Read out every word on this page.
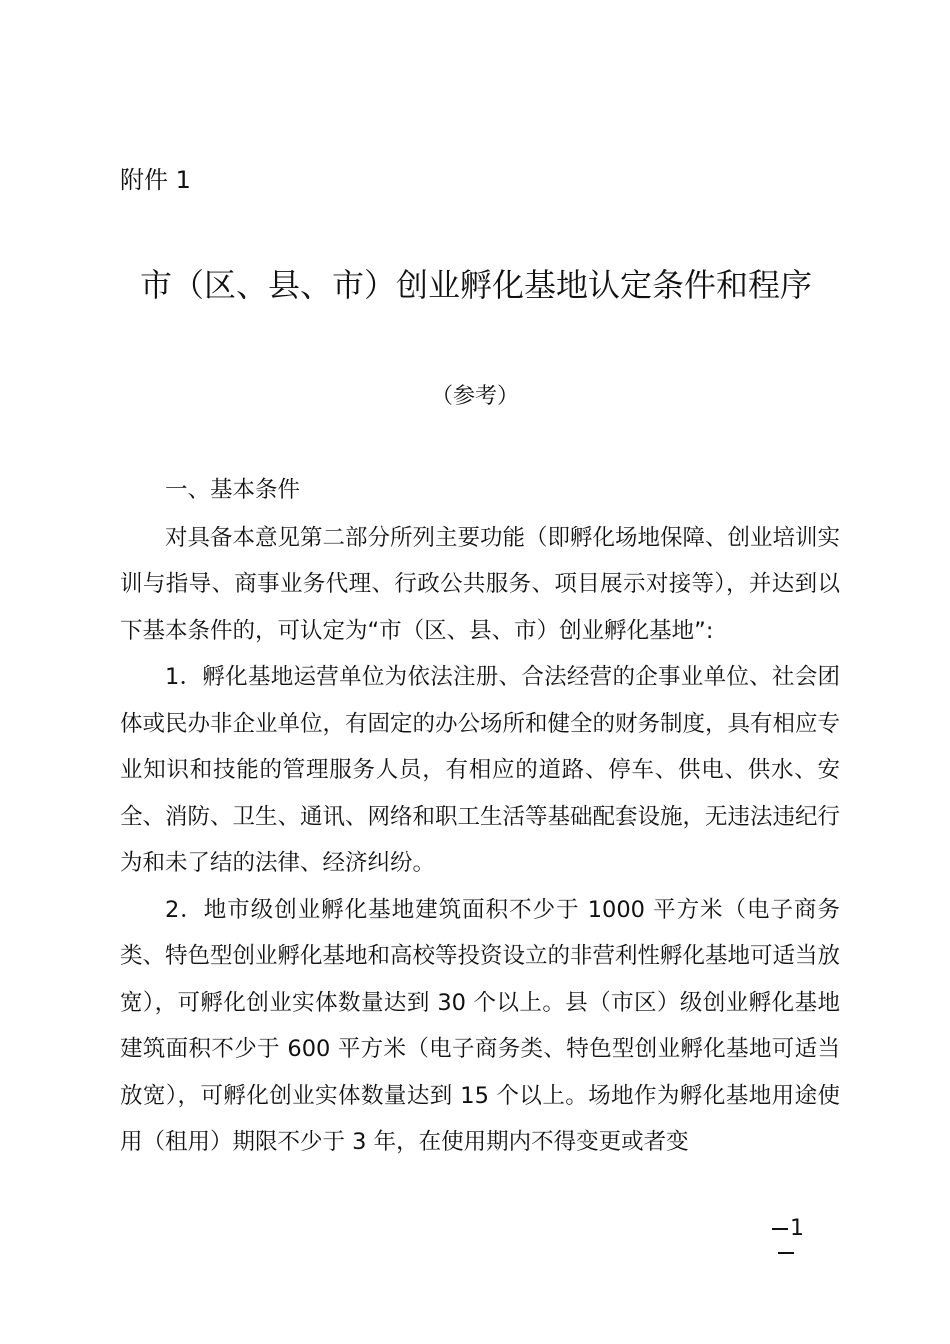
附件 1
市（区、县、市）创业孵化基地认定条件和程序
（参考）

一、基本条件

对具备本意见第二部分所列主要功能（即孵化场地保障、创业培训实训与指导、商事业务代理、行政公共服务、项目展示对接等），并达到以下基本条件的，可认定为“市（区、县、市）创业孵化基地”:

1．孵化基地运营单位为依法注册、合法经营的企事业单位、社会团体或民办非企业单位，有固定的办公场所和健全的财务制度，具有相应专业知识和技能的管理服务人员，有相应的道路、停车、供电、供水、安全、消防、卫生、通讯、网络和职工生活等基础配套设施，无违法违纪行为和未了结的法律、经济纠纷。

2．地市级创业孵化基地建筑面积不少于 1000 平方米（电子商务类、特色型创业孵化基地和高校等投资设立的非营利性孵化基地可适当放宽），可孵化创业实体数量达到 30 个以上。县（市区）级创业孵化基地建筑面积不少于 600 平方米（电子商务类、特色型创业孵化基地可适当放宽），可孵化创业实体数量达到 15 个以上。场地作为孵化基地用途使用（租用）期限不少于 3 年，在使用期内不得变更或者变

1
